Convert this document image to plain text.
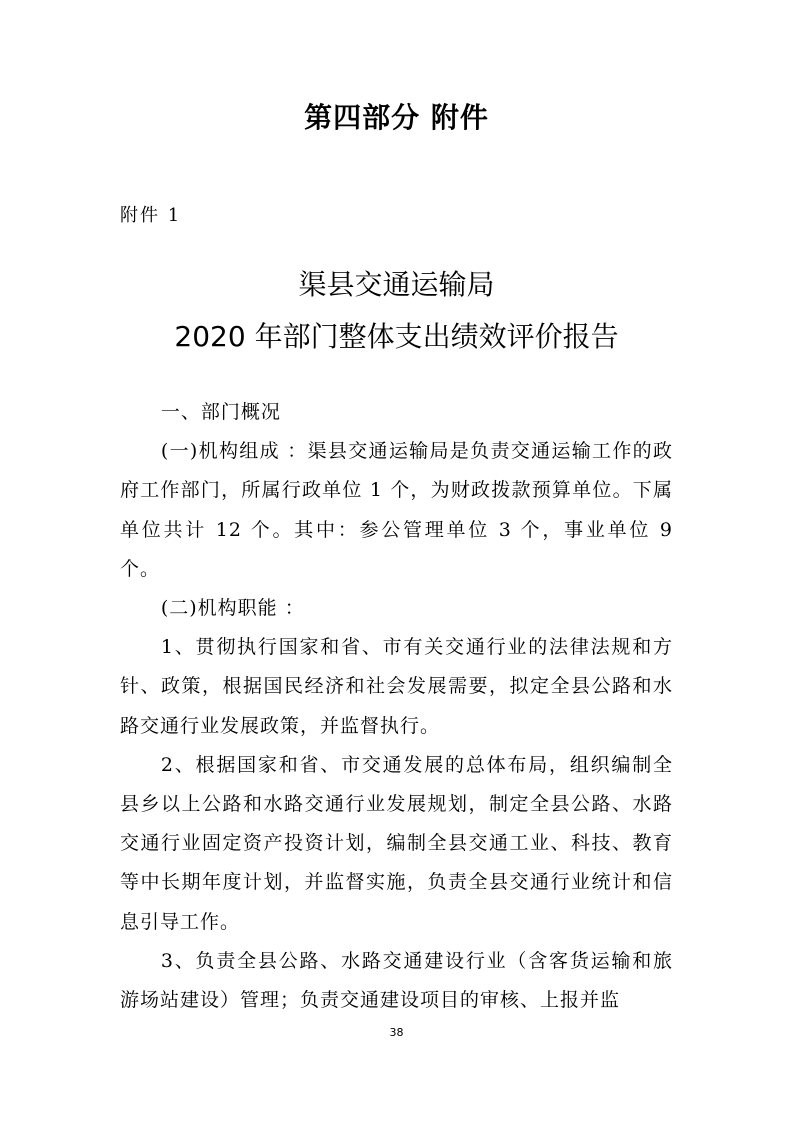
第四部分 附件
附件 1
渠县交通运输局
2020 年部门整体支出绩效评价报告

一、部门概况

(一)机构组成 ：渠县交通运输局是负责交通运输工作的政府工作部门，所属行政单位 1 个，为财政拨款预算单位。下属单位共计 12 个。其中：参公管理单位 3 个，事业单位 9 个。

(二)机构职能 ：

1、贯彻执行国家和省、市有关交通行业的法律法规和方针、政策，根据国民经济和社会发展需要，拟定全县公路和水路交通行业发展政策，并监督执行。

2、根据国家和省、市交通发展的总体布局，组织编制全县乡以上公路和水路交通行业发展规划，制定全县公路、水路交通行业固定资产投资计划，编制全县交通工业、科技、教育等中长期年度计划，并监督实施，负责全县交通行业统计和信息引导工作。

3、负责全县公路、水路交通建设行业（含客货运输和旅游场站建设）管理；负责交通建设项目的审核、上报并监

38
